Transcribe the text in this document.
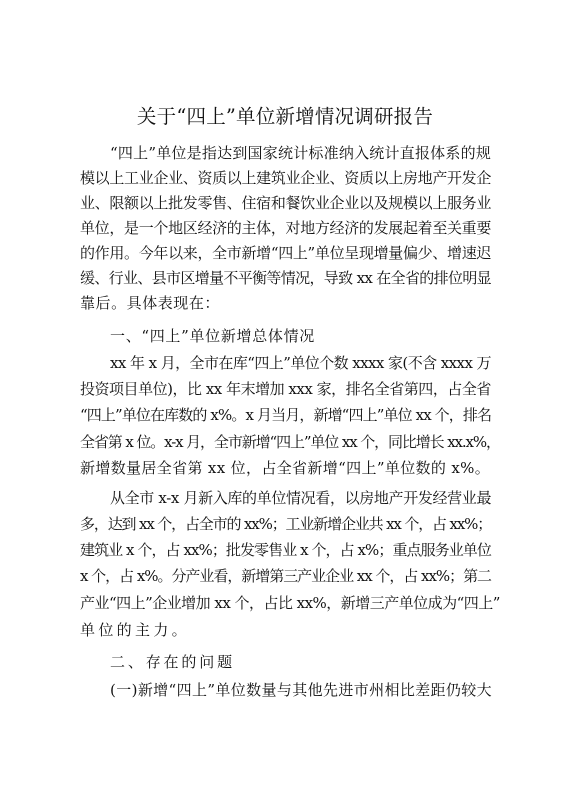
关于“四上”单位新增情况调研报告
“四上”单位是指达到国家统计标准纳入统计直报体系的规
模以上工业企业、资质以上建筑业企业、资质以上房地产开发企
业、限额以上批发零售、住宿和餐饮业企业以及规模以上服务业
单位，是一个地区经济的主体，对地方经济的发展起着至关重要
的作用。今年以来，全市新增“四上”单位呈现增量偏少、增速迟
缓、行业、县市区增量不平衡等情况，导致 xx 在全省的排位明显
靠后。具体表现在：
一、“四上”单位新增总体情况
xx 年 x 月，全市在库“四上”单位个数 xxxx 家(不含 xxxx 万
投资项目单位)，比 xx 年末增加 xxx 家，排名全省第四，占全省
“四上”单位在库数的 x%。x 月当月，新增“四上”单位 xx 个，排名
全省第 x 位。x-x 月，全市新增“四上”单位 xx 个，同比增长 xx.x%，
新增数量居全省第 xx 位，占全省新增“四上”单位数的 x%。
从全市 x-x 月新入库的单位情况看，以房地产开发经营业最
多，达到 xx 个，占全市的 xx%；工业新增企业共 xx 个，占 xx%；
建筑业 x 个，占 xx%；批发零售业 x 个，占 x%；重点服务业单位
x 个，占 x%。分产业看，新增第三产业企业 xx 个，占 xx%；第二
产业“四上”企业增加 xx 个，占比 xx%，新增三产单位成为“四上”
单位的主力。
二、存在的问题
(一)新增“四上”单位数量与其他先进市州相比差距仍较大
